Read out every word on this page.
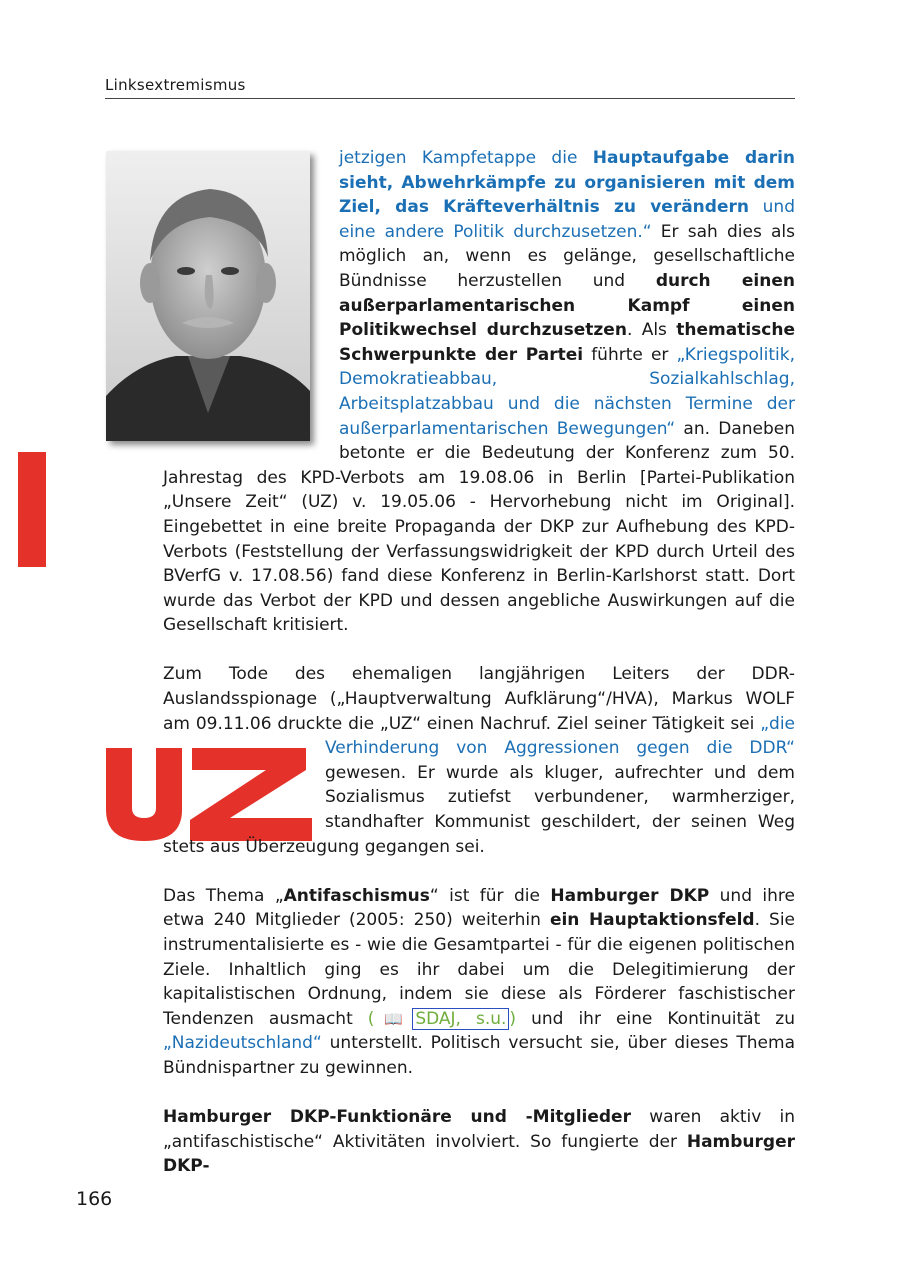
Linksextremismus

jetzigen Kampfetappe die Hauptaufgabe darin sieht, Abwehrkämpfe zu organisieren mit dem Ziel, das Kräfteverhältnis zu verändern und eine andere Politik durchzusetzen.“ Er sah dies als möglich an, wenn es gelänge, gesellschaftliche Bündnisse herzustellen und durch einen außerparlamentarischen Kampf einen Politikwechsel durchzusetzen. Als thematische Schwerpunkte der Partei führte er „Kriegspolitik, Demokratieabbau, Sozialkahlschlag, Arbeitsplatzabbau und die nächsten Termine der außerparlamentarischen Bewegungen“ an. Daneben betonte er die Bedeutung der Konferenz zum 50. Jahrestag des KPD-Verbots am 19.08.06 in Berlin [Partei-Publikation „Unsere Zeit“ (UZ) v. 19.05.06 - Hervorhebung nicht im Original]. Eingebettet in eine breite Propaganda der DKP zur Aufhebung des KPD-Verbots (Feststellung der Verfassungswidrigkeit der KPD durch Urteil des BVerfG v. 17.08.56) fand diese Konferenz in Berlin-Karlshorst statt. Dort wurde das Verbot der KPD und dessen angebliche Auswirkungen auf die Gesellschaft kritisiert.

Zum Tode des ehemaligen langjährigen Leiters der DDR-Auslandsspionage („Hauptverwaltung Aufklärung“/HVA), Markus WOLF am 09.11.06 druckte die „UZ“ einen Nachruf. Ziel seiner Tätigkeit sei „die Verhinderung von Aggressionen gegen die DDR“
gewesen. Er wurde als kluger, aufrechter und dem Sozialismus zutiefst verbundener, warmherziger, standhafter Kommunist geschildert, der seinen Weg stets aus Überzeugung gegangen sei.

Das Thema „Antifaschismus“ ist für die Hamburger DKP und ihre etwa 240 Mitglieder (2005: 250) weiterhin ein Hauptaktionsfeld. Sie instrumentalisierte es - wie die Gesamtpartei - für die eigenen politischen Ziele. Inhaltlich ging es ihr dabei um die Delegitimierung der kapitalistischen Ordnung, indem sie diese als Förderer faschistischer Tendenzen ausmacht (📖 SDAJ, s.u. ) und ihr eine Kontinuität zu „Nazideutschland“ unterstellt. Politisch versucht sie, über dieses Thema Bündnispartner zu gewinnen.

Hamburger DKP-Funktionäre und -Mitglieder waren aktiv in „antifaschistische“ Aktivitäten involviert. So fungierte der Hamburger DKP-

166
